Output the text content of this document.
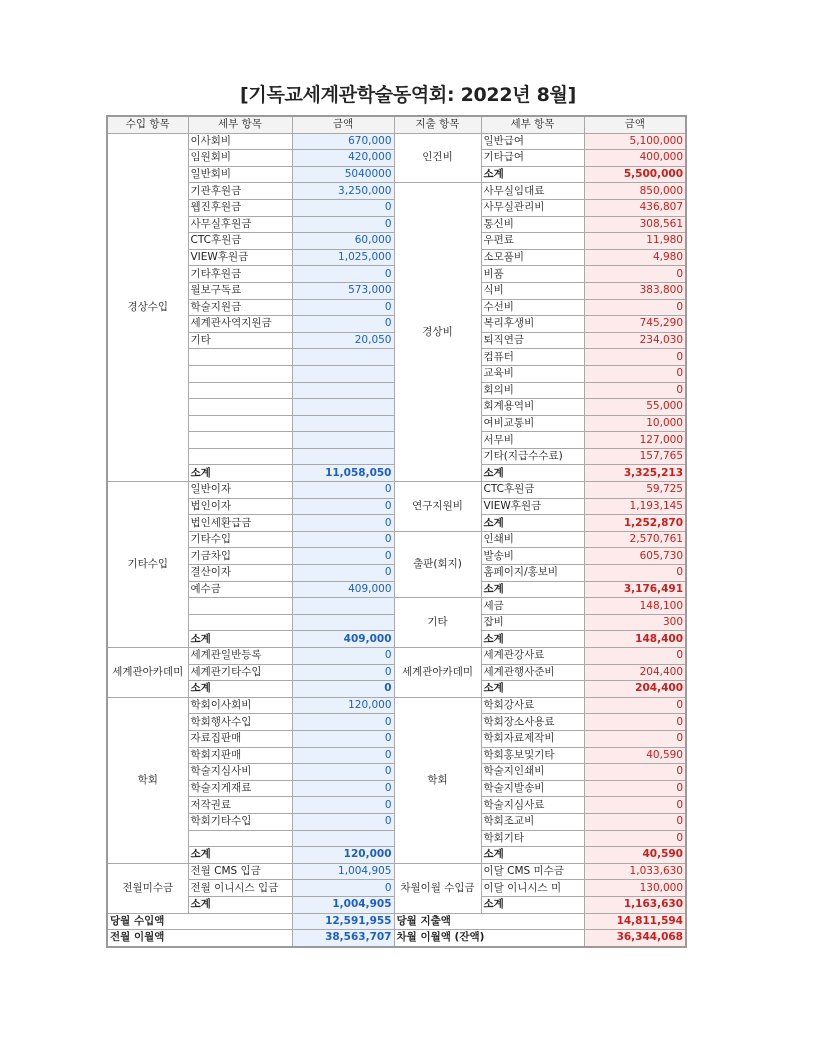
[기독교세계관학술동역회: 2022년 8월]
수입 항목	세부 항목	금액	지출 항목	세부 항목	금액
경상수입	이사회비	670,000	인건비	일반급여	5,100,000
	임원회비	420,000		기타급여	400,000
	일반회비	5040000		소계	5,500,000
	기관후원금	3,250,000	경상비	사무실임대료	850,000
	웹진후원금	0		사무실관리비	436,807
	사무실후원금	0		통신비	308,561
	CTC후원금	60,000		우편료	11,980
	VIEW후원금	1,025,000		소모품비	4,980
	기타후원금	0		비품	0
	월보구독료	573,000		식비	383,800
	학술지원금	0		수선비	0
	세계관사역지원금	0		복리후생비	745,290
	기타	20,050		퇴직연금	234,030
				컴퓨터	0
				교육비	0
				회의비	0
				회계용역비	55,000
				여비교통비	10,000
				서무비	127,000
				기타(지급수수료)	157,765
	소계	11,058,050		소계	3,325,213
기타수입	일반이자	0	연구지원비	CTC후원금	59,725
	법인이자	0		VIEW후원금	1,193,145
	법인세환급금	0		소계	1,252,870
	기타수입	0	출판(회지)	인쇄비	2,570,761
	기금차입	0		발송비	605,730
	결산이자	0		홈페이지/홍보비	0
	예수금	409,000		소계	3,176,491
			기타	세금	148,100
				잡비	300
	소계	409,000		소계	148,400
세계관아카데미	세계관일반등록	0	세계관아카데미	세계관강사료	0
	세계관기타수입	0		세계관행사준비	204,400
	소계	0		소계	204,400
학회	학회이사회비	120,000	학회	학회강사료	0
	학회행사수입	0		학회장소사용료	0
	자료집판매	0		학회자료제작비	0
	학회지판매	0		학회홍보및기타	40,590
	학술지심사비	0		학술지인쇄비	0
	학술지게재료	0		학술지발송비	0
	저작권료	0		학술지심사료	0
	학회기타수입	0		학회조교비	0
				학회기타	0
	소계	120,000		소계	40,590
전월미수금	전월 CMS 입금	1,004,905	차월이월 수입금	이달 CMS 미수금	1,033,630
	전월 이니시스 입금	0		이달 이니시스 미	130,000
	소계	1,004,905		소계	1,163,630
당월 수입액		12,591,955	당월 지출액		14,811,594
전월 이월액		38,563,707	차월 이월액 (잔액)		36,344,068
